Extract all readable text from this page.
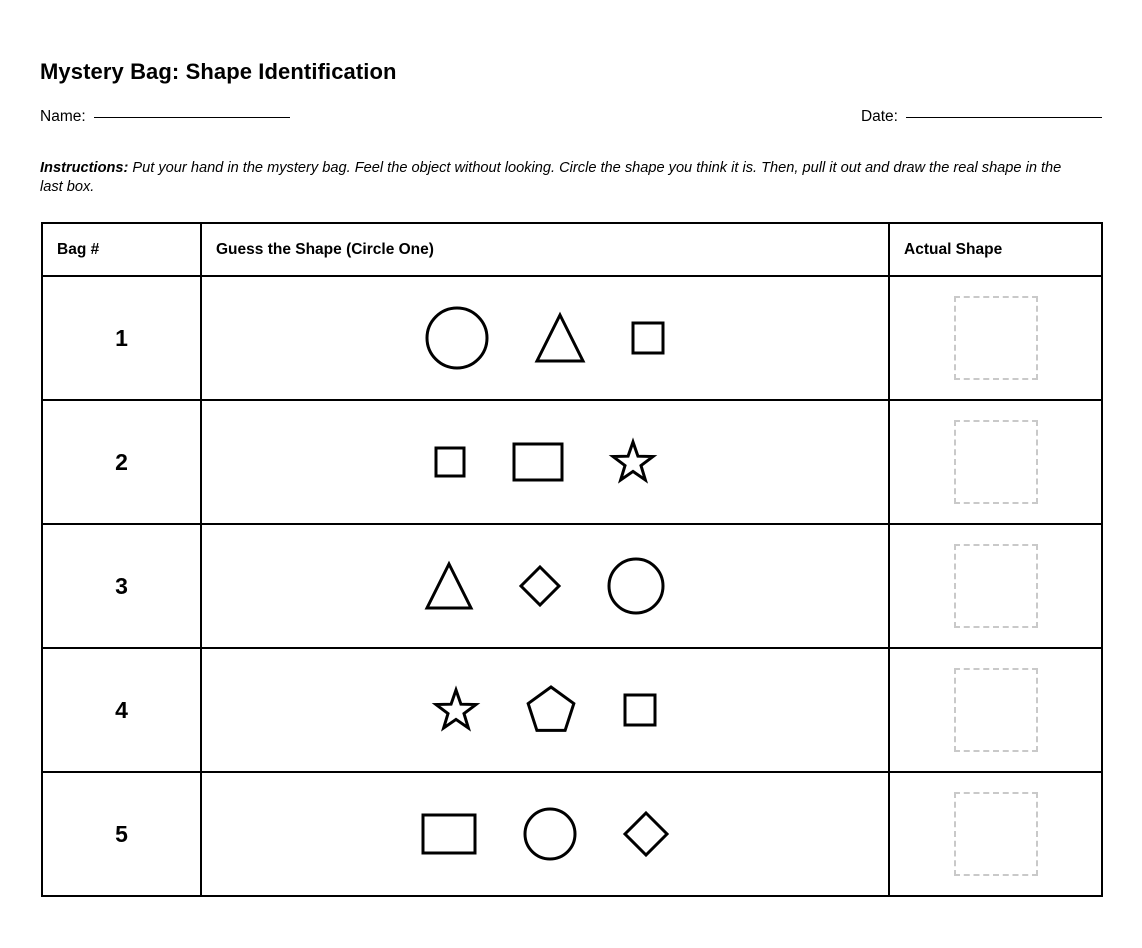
Mystery Bag: Shape Identification
Name:	Date:
Instructions: Put your hand in the mystery bag. Feel the object without looking. Circle the shape you think it is. Then, pull it out and draw the real shape in the last box.
Bag #	Guess the Shape (Circle One)	Actual Shape
1	

2	

3	

4	

5	
